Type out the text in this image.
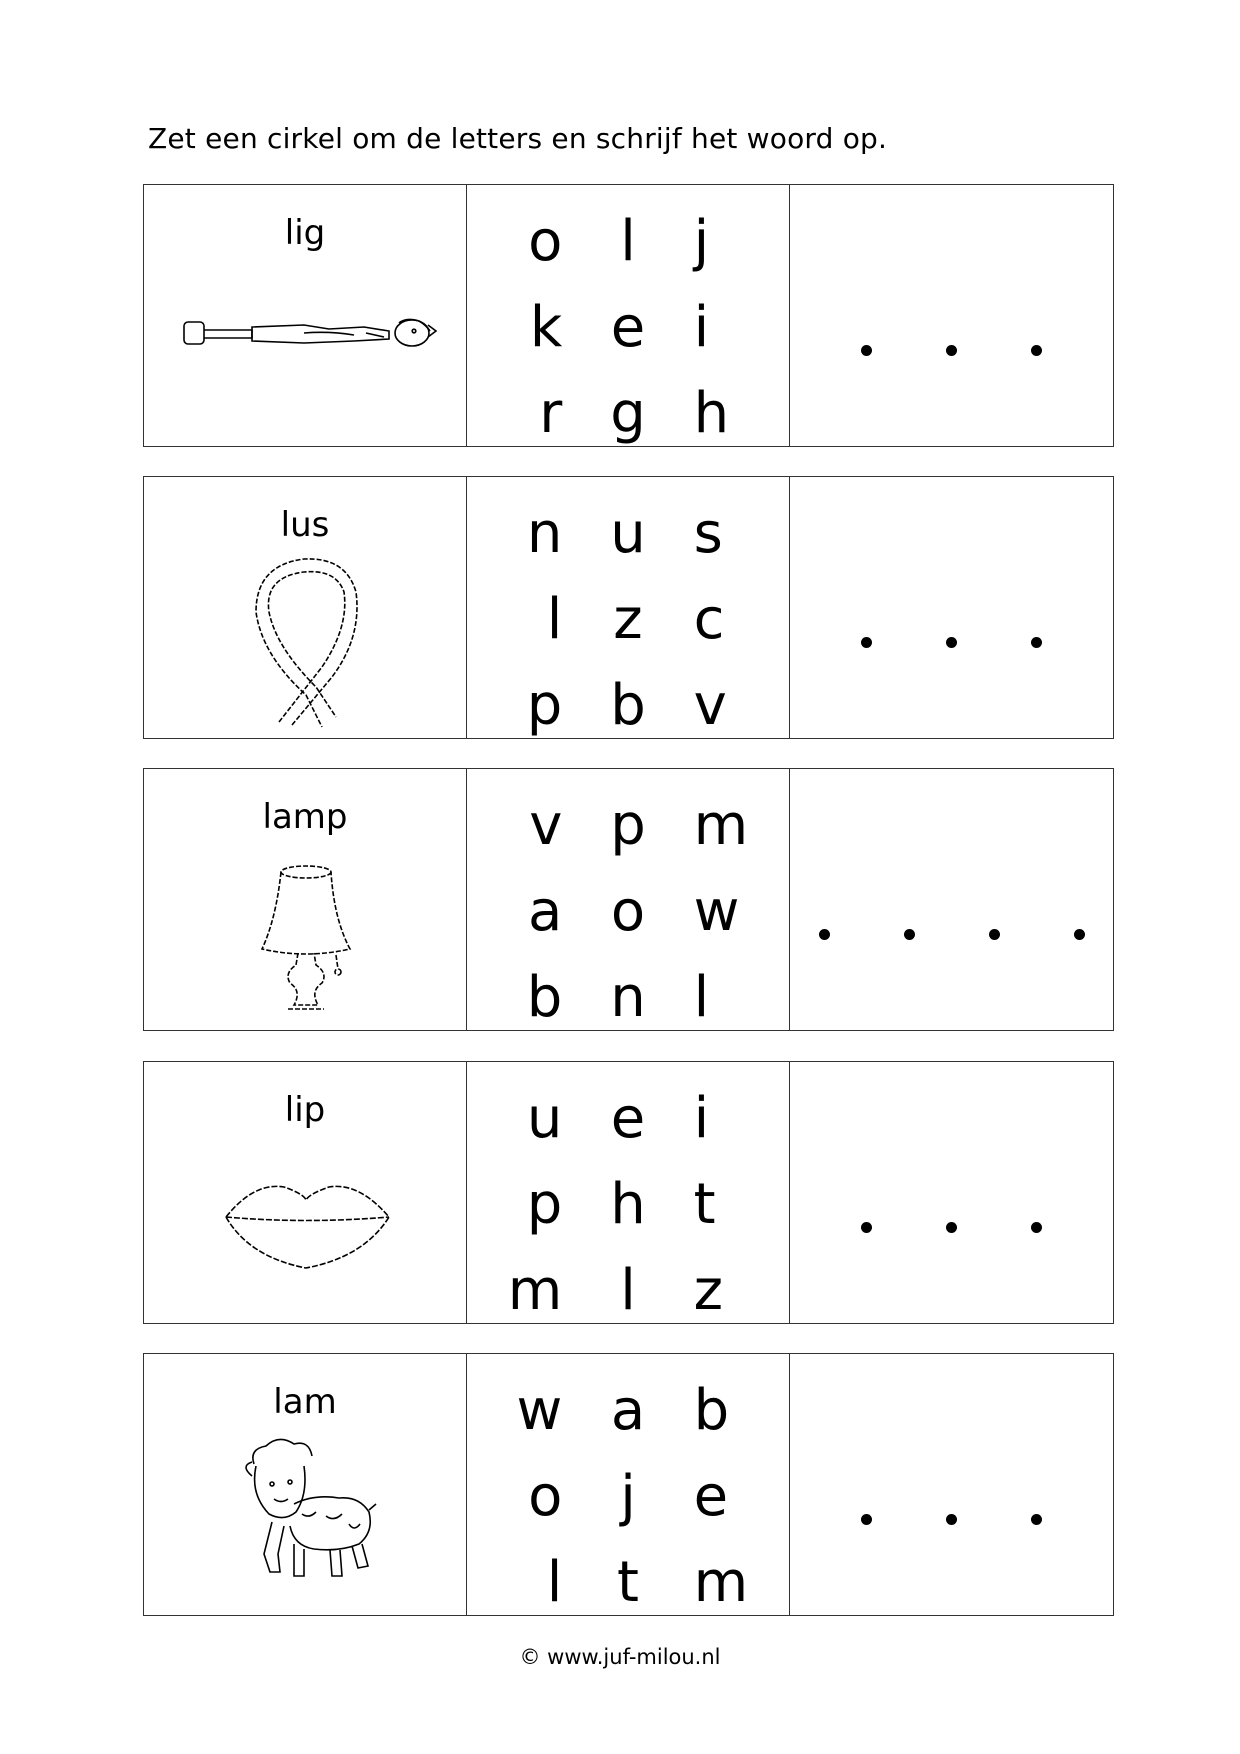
Zet een cirkel om de letters en schrijf het woord op.
lig	o	l	j
k e i
r g h
lus	n u s
l z c
p b v
lamp	v p m
a o w
b n l
lip	u e i
p h t
m	l	z
lam	w a b
o	j	e
l t m
© www.juf-milou.nl
